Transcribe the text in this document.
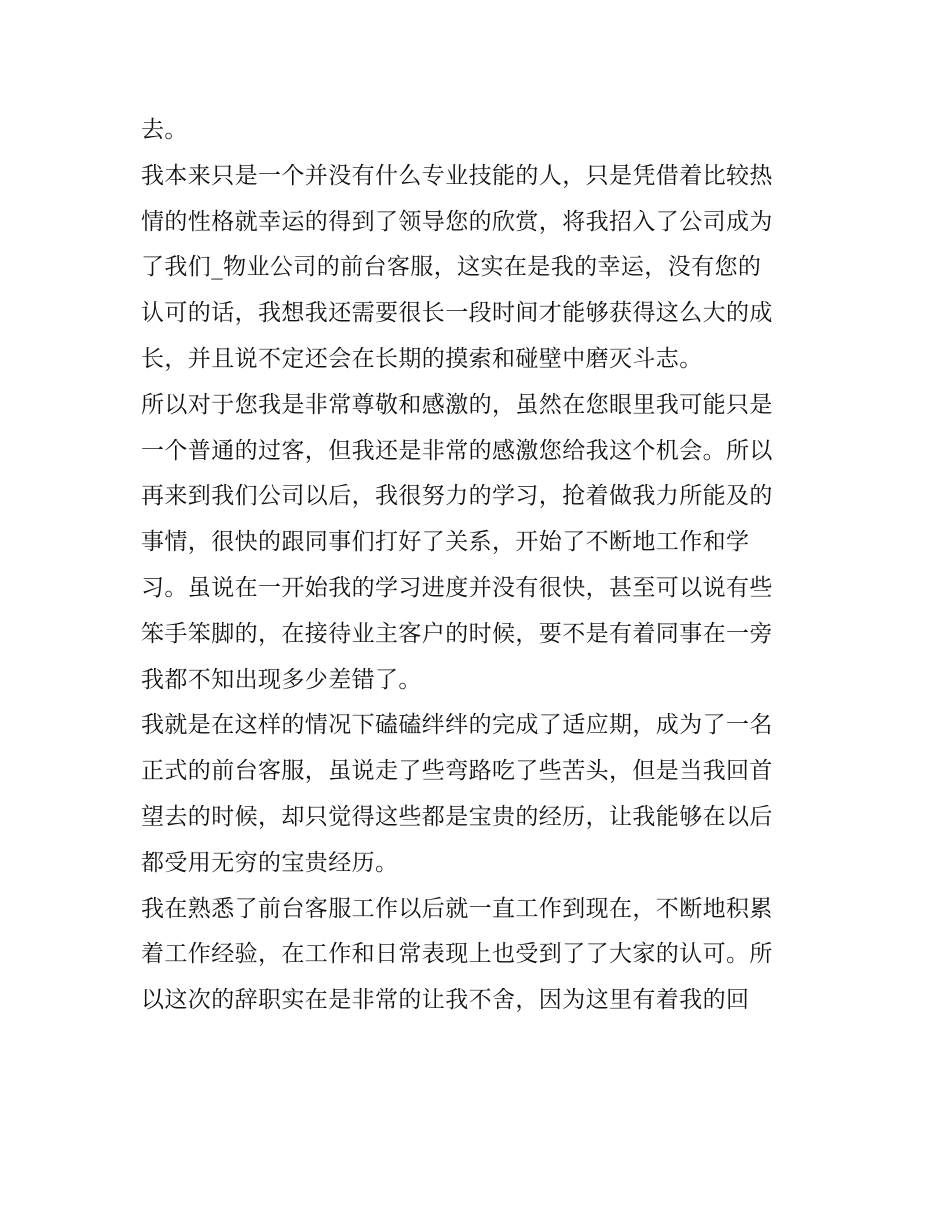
去。
我本来只是一个并没有什么专业技能的人，只是凭借着比较热
情的性格就幸运的得到了领导您的欣赏，将我招入了公司成为
了我们_物业公司的前台客服，这实在是我的幸运，没有您的
认可的话，我想我还需要很长一段时间才能够获得这么大的成
长，并且说不定还会在长期的摸索和碰壁中磨灭斗志。
所以对于您我是非常尊敬和感激的，虽然在您眼里我可能只是
一个普通的过客，但我还是非常的感激您给我这个机会。所以
再来到我们公司以后，我很努力的学习，抢着做我力所能及的
事情，很快的跟同事们打好了关系，开始了不断地工作和学
习。虽说在一开始我的学习进度并没有很快，甚至可以说有些
笨手笨脚的，在接待业主客户的时候，要不是有着同事在一旁
我都不知出现多少差错了。
我就是在这样的情况下磕磕绊绊的完成了适应期，成为了一名
正式的前台客服，虽说走了些弯路吃了些苦头，但是当我回首
望去的时候，却只觉得这些都是宝贵的经历，让我能够在以后
都受用无穷的宝贵经历。
我在熟悉了前台客服工作以后就一直工作到现在，不断地积累
着工作经验，在工作和日常表现上也受到了了大家的认可。所
以这次的辞职实在是非常的让我不舍，因为这里有着我的回
